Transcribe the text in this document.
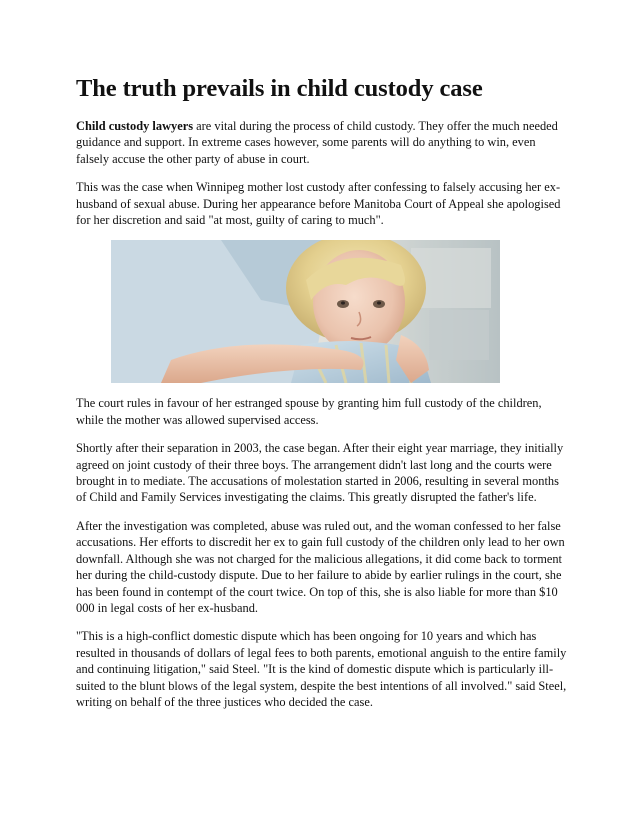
The truth prevails in child custody case

Child custody lawyers are vital during the process of child custody. They offer the much needed guidance and support. In extreme cases however, some parents will do anything to win, even falsely accuse the other party of abuse in court.

This was the case when Winnipeg mother lost custody after confessing to falsely accusing her ex-husband of sexual abuse. During her appearance before Manitoba Court of Appeal she apologised for her discretion and said "at most, guilty of caring to much".

The court rules in favour of her estranged spouse by granting him full custody of the children, while the mother was allowed supervised access.

Shortly after their separation in 2003, the case began. After their eight year marriage, they initially agreed on joint custody of their three boys. The arrangement didn't last long and the courts were brought in to mediate. The accusations of molestation started in 2006, resulting in several months of Child and Family Services investigating the claims. This greatly disrupted the father's life.

After the investigation was completed, abuse was ruled out, and the woman confessed to her false accusations. Her efforts to discredit her ex to gain full custody of the children only lead to her own downfall. Although she was not charged for the malicious allegations, it did come back to torment her during the child-custody dispute. Due to her failure to abide by earlier rulings in the court, she has been found in contempt of the court twice. On top of this, she is also liable for more than $10 000 in legal costs of her ex-husband.

"This is a high-conflict domestic dispute which has been ongoing for 10 years and which has resulted in thousands of dollars of legal fees to both parents, emotional anguish to the entire family and continuing litigation," said Steel. "It is the kind of domestic dispute which is particularly ill-suited to the blunt blows of the legal system, despite the best intentions of all involved." said Steel, writing on behalf of the three justices who decided the case.
